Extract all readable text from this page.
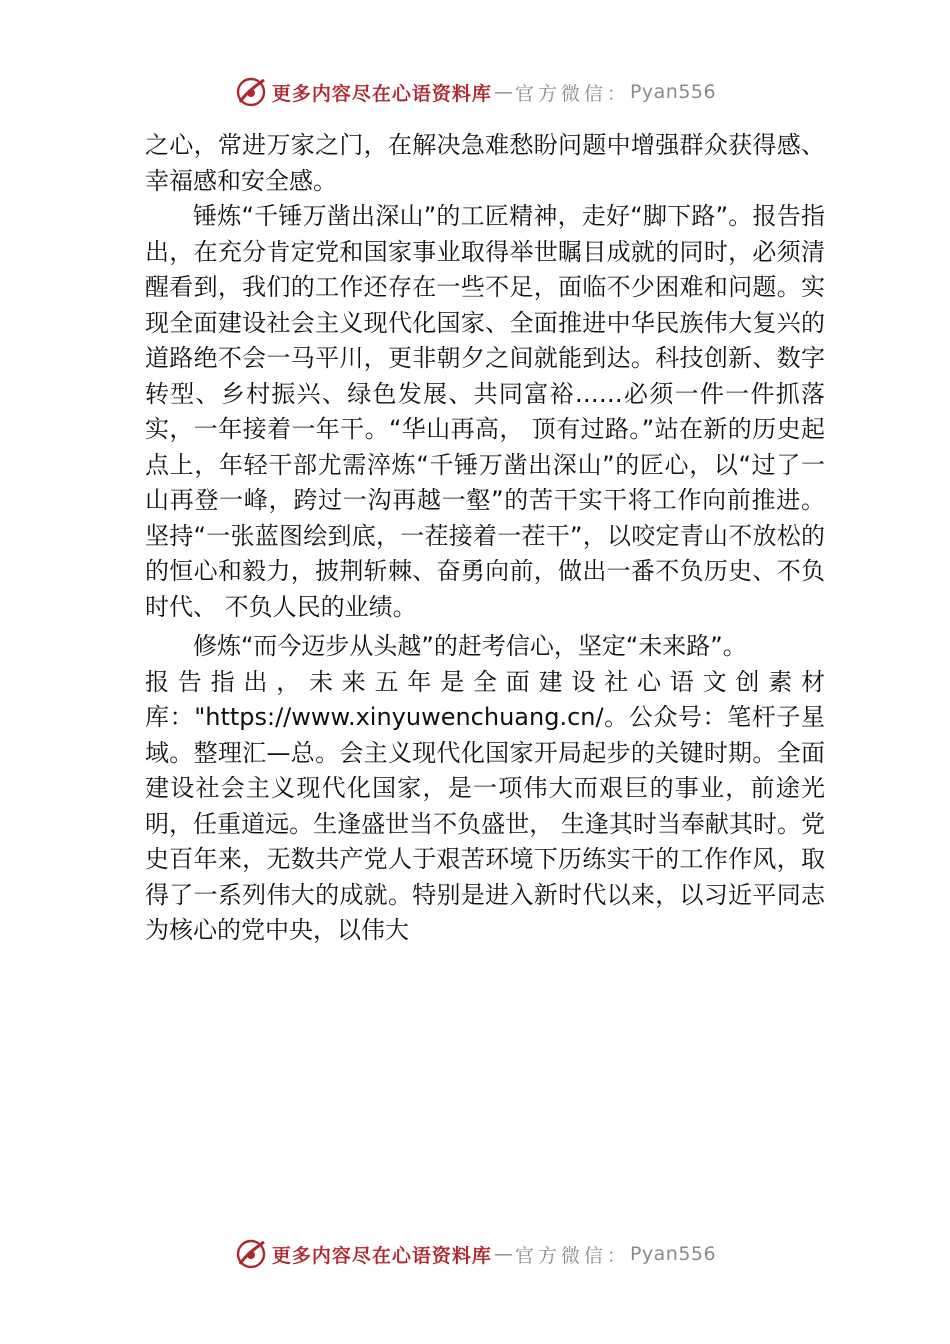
更多内容尽在心语资料库 — 官方微信： Pyan556

之心，常进万家之门，在解决急难愁盼问题中增强群众获得感、幸福感和安全感。

锤炼“千锤万凿出深山”的工匠精神，走好“脚下路”。报告指出，在充分肯定党和国家事业取得举世瞩目成就的同时，必须清醒看到，我们的工作还存在一些不足，面临不少困难和问题。实现全面建设社会主义现代化国家、全面推进中华民族伟大复兴的道路绝不会一马平川，更非朝夕之间就能到达。科技创新、数字转型、乡村振兴、绿色发展、共同富裕……必须一件一件抓落实，一年接着一年干。“华山再高， 顶有过路。”站在新的历史起点上，年轻干部尤需淬炼“千锤万凿出深山”的匠心，以“过了一山再登一峰，跨过一沟再越一壑”的苦干实干将工作向前推进。坚持“一张蓝图绘到底，一茬接着一茬干”，以咬定青山不放松的的恒心和毅力，披荆斩棘、奋勇向前，做出一番不负历史、不负时代、 不负人民的业绩。

修炼“而今迈步从头越”的赶考信心，坚定“未来路”。

报告指出，未来五年是全面建设社心语文创素材库："https://www.xinyuwenchuang.cn/。公众号：笔杆子星域。整理汇—总。会主义现代化国家开局起步的关键时期。全面建设社会主义现代化国家，是一项伟大而艰巨的事业，前途光明，任重道远。生逢盛世当不负盛世， 生逢其时当奉献其时。党史百年来，无数共产党人于艰苦环境下历练实干的工作作风，取得了一系列伟大的成就。特别是进入新时代以来，以习近平同志为核心的党中央，以伟大

更多内容尽在心语资料库 — 官方微信： Pyan556
